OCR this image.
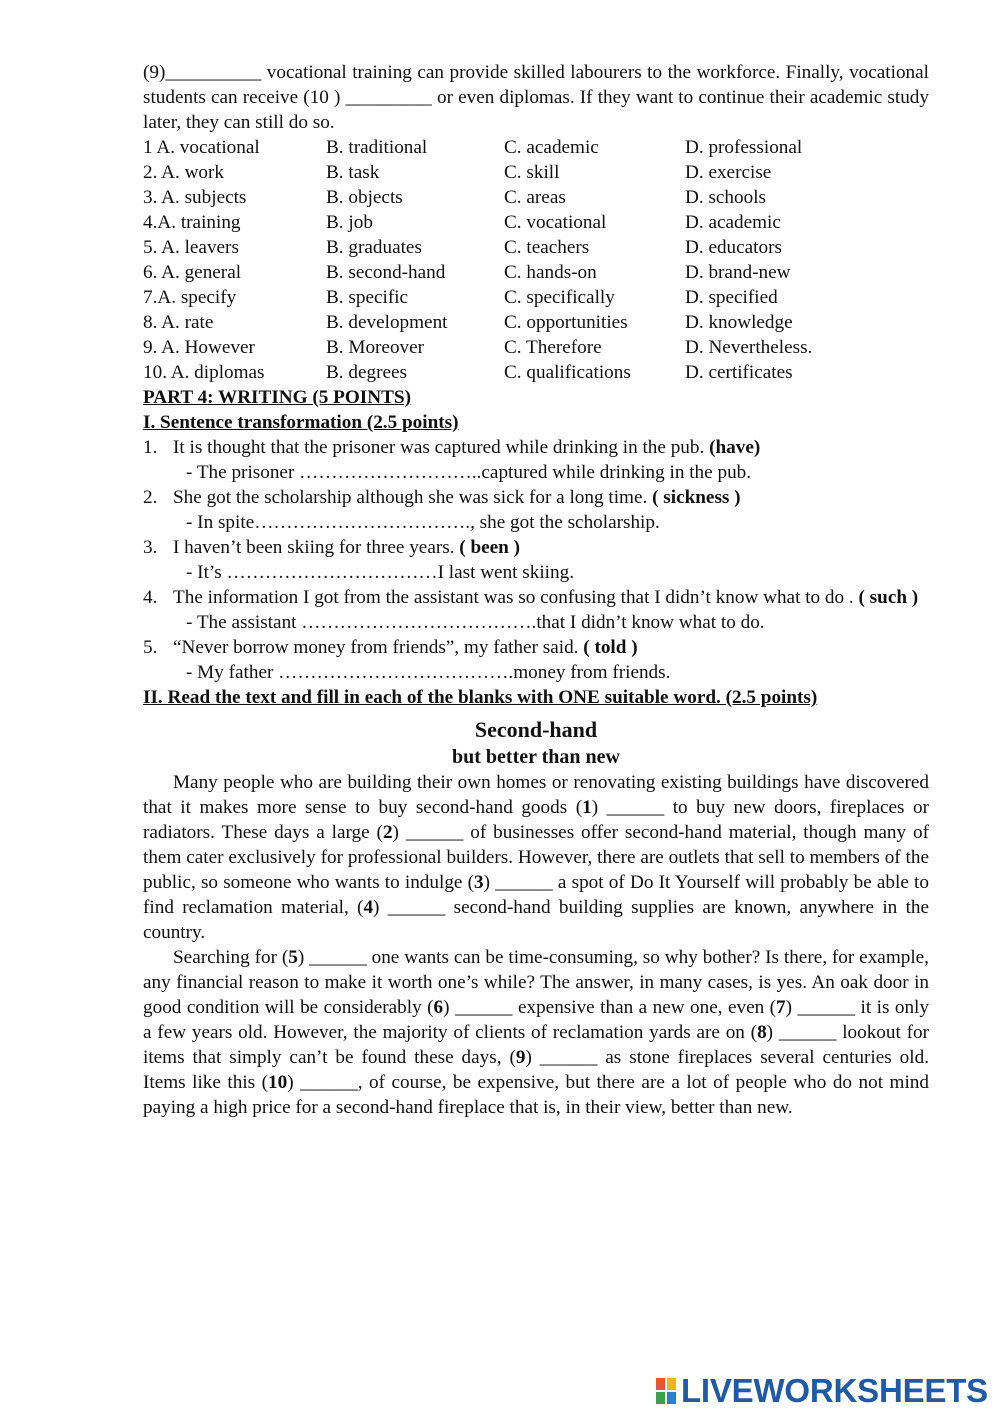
(9)__________ vocational training can provide skilled labourers to the workforce. Finally, vocational students can receive (10 ) _________ or even diplomas. If they want to continue their academic study later, they can still do so.
1 A. vocational	B. traditional	C. academic	D. professional
2. A. work	B. task	C. skill	D. exercise
3. A. subjects	B. objects	C. areas	D. schools
4.A. training	B. job	C. vocational	D. academic
5. A. leavers	B. graduates	C. teachers	D. educators
6. A. general	B. second-hand	C. hands-on	D. brand-new
7.A. specify	B. specific	C. specifically	D. specified
8. A. rate	B. development	C. opportunities	D. knowledge
9. A. However	B. Moreover	C. Therefore	D. Nevertheless.
10. A. diplomas	B. degrees	C. qualifications	D. certificates
PART 4: WRITING (5 POINTS)
I. Sentence transformation (2.5 points)
1. It is thought that the prisoner was captured while drinking in the pub. (have)
- The prisoner ………………………..captured while drinking in the pub.
2. She got the scholarship although she was sick for a long time. ( sickness )
- In spite……………………………., she got the scholarship.
3. I haven’t been skiing for three years. ( been )
- It’s ……………………………I last went skiing.
4. The information I got from the assistant was so confusing that I didn’t know what to do . ( such )
- The assistant ……………………………….that I didn’t know what to do.
5. “Never borrow money from friends”, my father said. ( told )
- My father ……………………………….money from friends.
II. Read the text and fill in each of the blanks with ONE suitable word. (2.5 points)
Second-hand
but better than new
Many people who are building their own homes or renovating existing buildings have discovered that it makes more sense to buy second-hand goods (1) ______ to buy new doors, fireplaces or radiators. These days a large (2) ______ of businesses offer second-hand material, though many of them cater exclusively for professional builders. However, there are outlets that sell to members of the public, so someone who wants to indulge (3) ______ a spot of Do It Yourself will probably be able to find reclamation material, (4) ______ second-hand building supplies are known, anywhere in the country.
Searching for (5) ______ one wants can be time-consuming, so why bother? Is there, for example, any financial reason to make it worth one’s while? The answer, in many cases, is yes. An oak door in good condition will be considerably (6) ______ expensive than a new one, even (7) ______ it is only a few years old. However, the majority of clients of reclamation yards are on (8) ______ lookout for items that simply can’t be found these days, (9) ______ as stone fireplaces several centuries old. Items like this (10) ______, of course, be expensive, but there are a lot of people who do not mind paying a high price for a second-hand fireplace that is, in their view, better than new.
LIVEWORKSHEETS
